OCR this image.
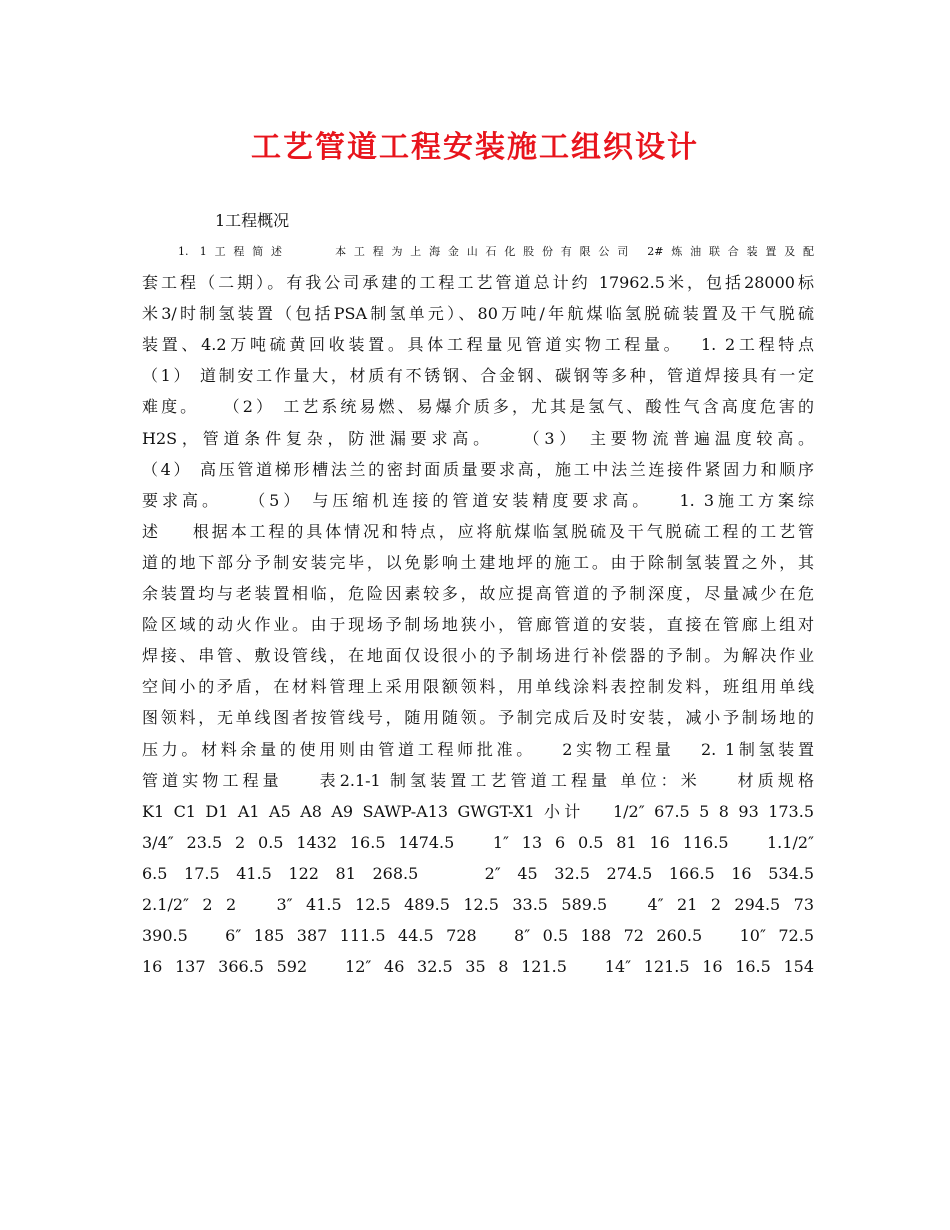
工艺管道工程安装施工组织设计
1工程概况
1. 1工程简述    本工程为上海金山石化股份有限公司 2#炼油联合装置及配
套工程（二期）。有我公司承建的工程工艺管道总计约 17962.5米，包括28000标
米3/时制氢装置（包括PSA制氢单元）、80万吨/年航煤临氢脱硫装置及干气脱硫
装置、4.2万吨硫黄回收装置。具体工程量见管道实物工程量。  1. 2工程特点
（1） 道制安工作量大，材质有不锈钢、合金钢、碳钢等多种，管道焊接具有一定
难度。   （2） 工艺系统易燃、易爆介质多，尤其是氢气、酸性气含高度危害的
H2S，管道条件复杂，防泄漏要求高。   （3） 主要物流普遍温度较高。
（4） 高压管道梯形槽法兰的密封面质量要求高，施工中法兰连接件紧固力和顺序
要求高。   （5） 与压缩机连接的管道安装精度要求高。   1. 3施工方案综
述    根据本工程的具体情况和特点，应将航煤临氢脱硫及干气脱硫工程的工艺管
道的地下部分予制安装完毕，以免影响土建地坪的施工。由于除制氢装置之外，其
余装置均与老装置相临，危险因素较多，故应提高管道的予制深度，尽量减少在危
险区域的动火作业。由于现场予制场地狭小，管廊管道的安装，直接在管廊上组对
焊接、串管、敷设管线，在地面仅设很小的予制场进行补偿器的予制。为解决作业
空间小的矛盾，在材料管理上采用限额领料，用单线涂料表控制发料，班组用单线
图领料，无单线图者按管线号，随用随领。予制完成后及时安装，减小予制场地的
压力。材料余量的使用则由管道工程师批准。   2实物工程量   2. 1制氢装置
管道实物工程量    表2.1-1 制氢装置工艺管道工程量 单位：米    材质规格
K1 C1 D1 A1 A5 A8 A9 SAWP-A13 GWGT-X1 小计   1/2″ 67.5 5 8 93 173.5
3/4″ 23.5 2 0.5 1432 16.5 1474.5   1″ 13 6 0.5 81 16 116.5   1.1/2″
6.5 17.5 41.5 122 81 268.5    2″ 45 32.5 274.5 166.5 16 534.5
2.1/2″ 2 2   3″ 41.5 12.5 489.5 12.5 33.5 589.5   4″ 21 2 294.5 73
390.5   6″ 185 387 111.5 44.5 728   8″ 0.5 188 72 260.5   10″ 72.5
16 137 366.5 592   12″ 46 32.5 35 8 121.5   14″ 121.5 16 16.5 154
